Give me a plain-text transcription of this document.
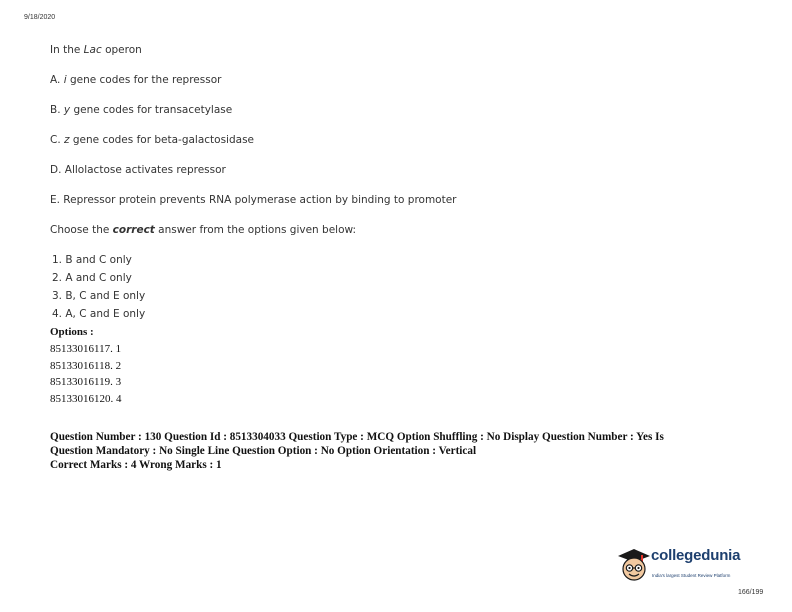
9/18/2020
In the Lac operon
A. i gene codes for the repressor
B. y gene codes for transacetylase
C. z gene codes for beta-galactosidase
D. Allolactose activates repressor
E. Repressor protein prevents RNA polymerase action by binding to promoter
Choose the correct answer from the options given below:
1. B and C only
2. A and C only
3. B, C and E only
4. A, C and E only
Options :
85133016117. 1
85133016118. 2
85133016119. 3
85133016120. 4
Question Number : 130 Question Id : 8513304033 Question Type : MCQ Option Shuffling : No Display Question Number : Yes Is
Question Mandatory : No Single Line Question Option : No Option Orientation : Vertical
Correct Marks : 4 Wrong Marks : 1
collegedunia
India's largest Student Review Platform
166/199
